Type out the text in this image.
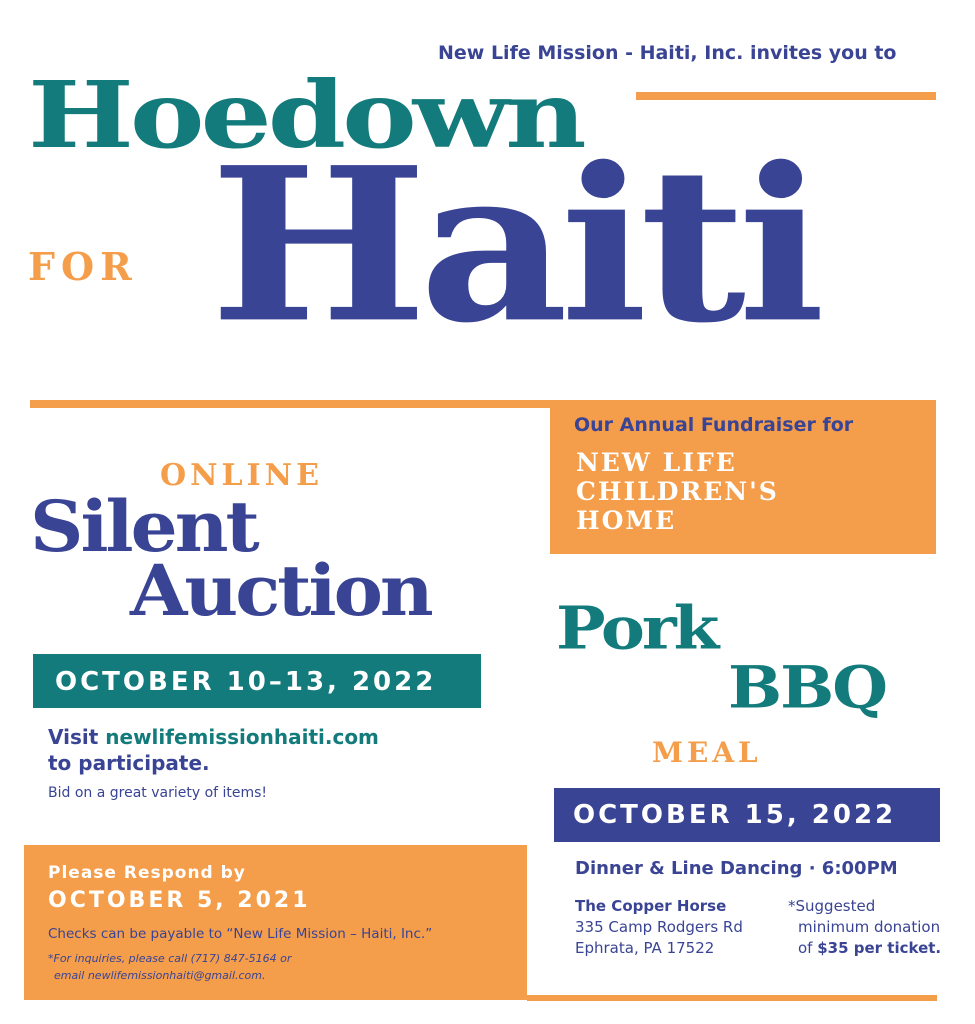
New Life Mission - Haiti, Inc. invites you to
Hoedown
FOR Haiti
Our Annual Fundraiser for
NEW LIFE
CHILDREN'S
HOME
ONLINE
Silent
Auction
OCTOBER 10–13, 2022
Visit newlifemissionhaiti.com
to participate.
Bid on a great variety of items!
Pork
BBQ
MEAL
OCTOBER 15, 2022
Dinner & Line Dancing · 6:00PM
The Copper Horse
335 Camp Rodgers Rd
Ephrata, PA 17522
*Suggested
minimum donation
of $35 per ticket.
Please Respond by
OCTOBER 5, 2021
Checks can be payable to “New Life Mission – Haiti, Inc.”
*For inquiries, please call (717) 847-5164 or
email newlifemissionhaiti@gmail.com.
